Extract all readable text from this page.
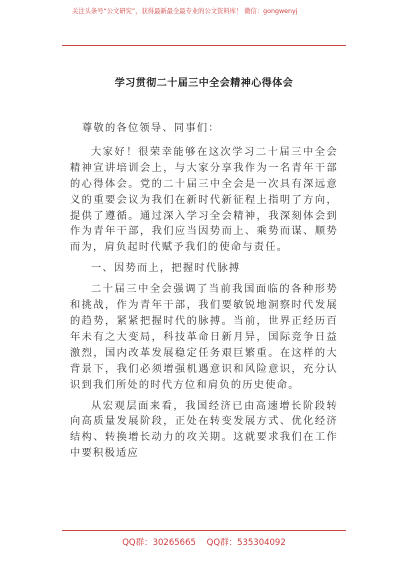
关注头条号“公文研究”，获得最新最全最专业的公文资料库！ 微信：gongwenyj
学习贯彻二十届三中全会精神心得体会

尊敬的各位领导、同事们：

大家好！很荣幸能够在这次学习二十届三中全会精神宣讲培训会上，与大家分享我作为一名青年干部的心得体会。党的二十届三中全会是一次具有深远意义的重要会议为我们在新时代新征程上指明了方向，提供了遵循。通过深入学习全会精神，我深刻体会到作为青年干部，我们应当因势而上、乘势而谋、顺势而为，肩负起时代赋予我们的使命与责任。

一、因势而上，把握时代脉搏

二十届三中全会强调了当前我国面临的各种形势和挑战，作为青年干部，我们要敏锐地洞察时代发展的趋势，紧紧把握时代的脉搏。当前，世界正经历百年未有之大变局，科技革命日新月异，国际竞争日益激烈，国内改革发展稳定任务艰巨繁重。在这样的大背景下，我们必须增强机遇意识和风险意识，充分认识到我们所处的时代方位和肩负的历史使命。

从宏观层面来看，我国经济已由高速增长阶段转向高质量发展阶段，正处在转变发展方式、优化经济结构、转换增长动力的攻关期。这就要求我们在工作中要积极适应

QQ群：30265665    QQ群：535304092
